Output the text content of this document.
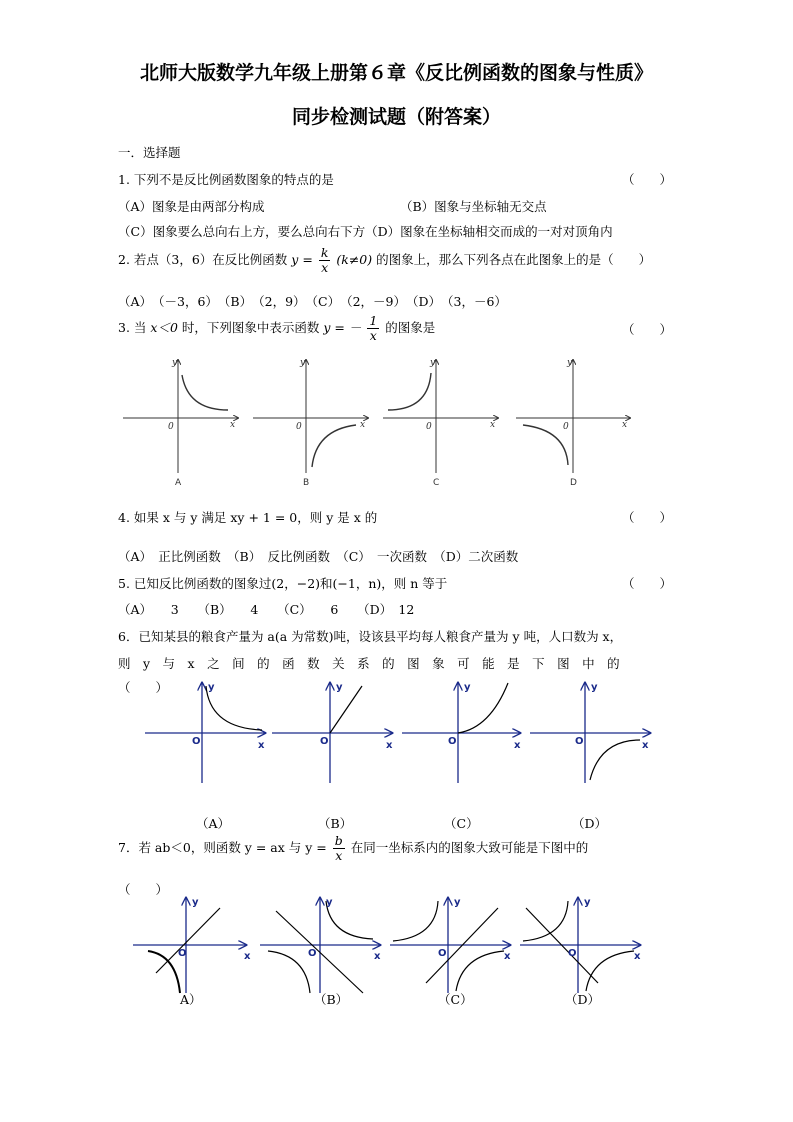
北师大版数学九年级上册第６章《反比例函数的图象与性质》
同步检测试题（附答案）
一．选择题
1. 下列不是反比例函数图象的特点的是	（　　）
（A）图象是由两部分构成	（B）图象与坐标轴无交点
（C）图象要么总向右上方，要么总向右下方（D）图象在坐标轴相交而成的一对对顶角内
2. 若点（3，6）在反比例函数 $y = \frac{k}{x} (k\ne 0)$ 的图象上，那么下列各点在此图象上的是（　　）
（A）　（－3，6）　（B）　（2，9）　（C）　（2，－9）　（D）　（3，－6）
3. 当 x＜0 时，下列图象中表示函数 y = － $\frac{1}{x}$ 的图象是	（　　）
y
x
0
y
x
0
y
x
0
y
x
0
A	B	C	D
4. 如果 x 与 y 满足 xy + 1 = 0，则 y 是 x 的	（　　）
（A）　正比例函数　（B）　反比例函数　（C）　一次函数　（D）二次函数
5. 已知反比例函数的图象过(2，−2)和(−1，n)，则 n 等于	（　　）
（A）　　3　　（B）　　4　　（C）　　6　　（D）　12
6．已知某县的粮食产量为 a(a 为常数)吨，设该县平均每人粮食产量为 y 吨，人口数为 x，
则　y　与　x　之　间　的　函　数　关　系　的　图　象　可　能　是　下　图　中　的
（　　）	y
x
O
y
x
O
y
x
O
y
x
O
（A）	（B）	（C）	（D）
7．若 ab＜0，则函数 y = ax 与 $y = \frac{b}{x}$ 在同一坐标系内的图象大致可能是下图中的
（　　）
y
x
O
y
x
O
y
x
O
y
x
O
A）	（B）	（C）	（D）
